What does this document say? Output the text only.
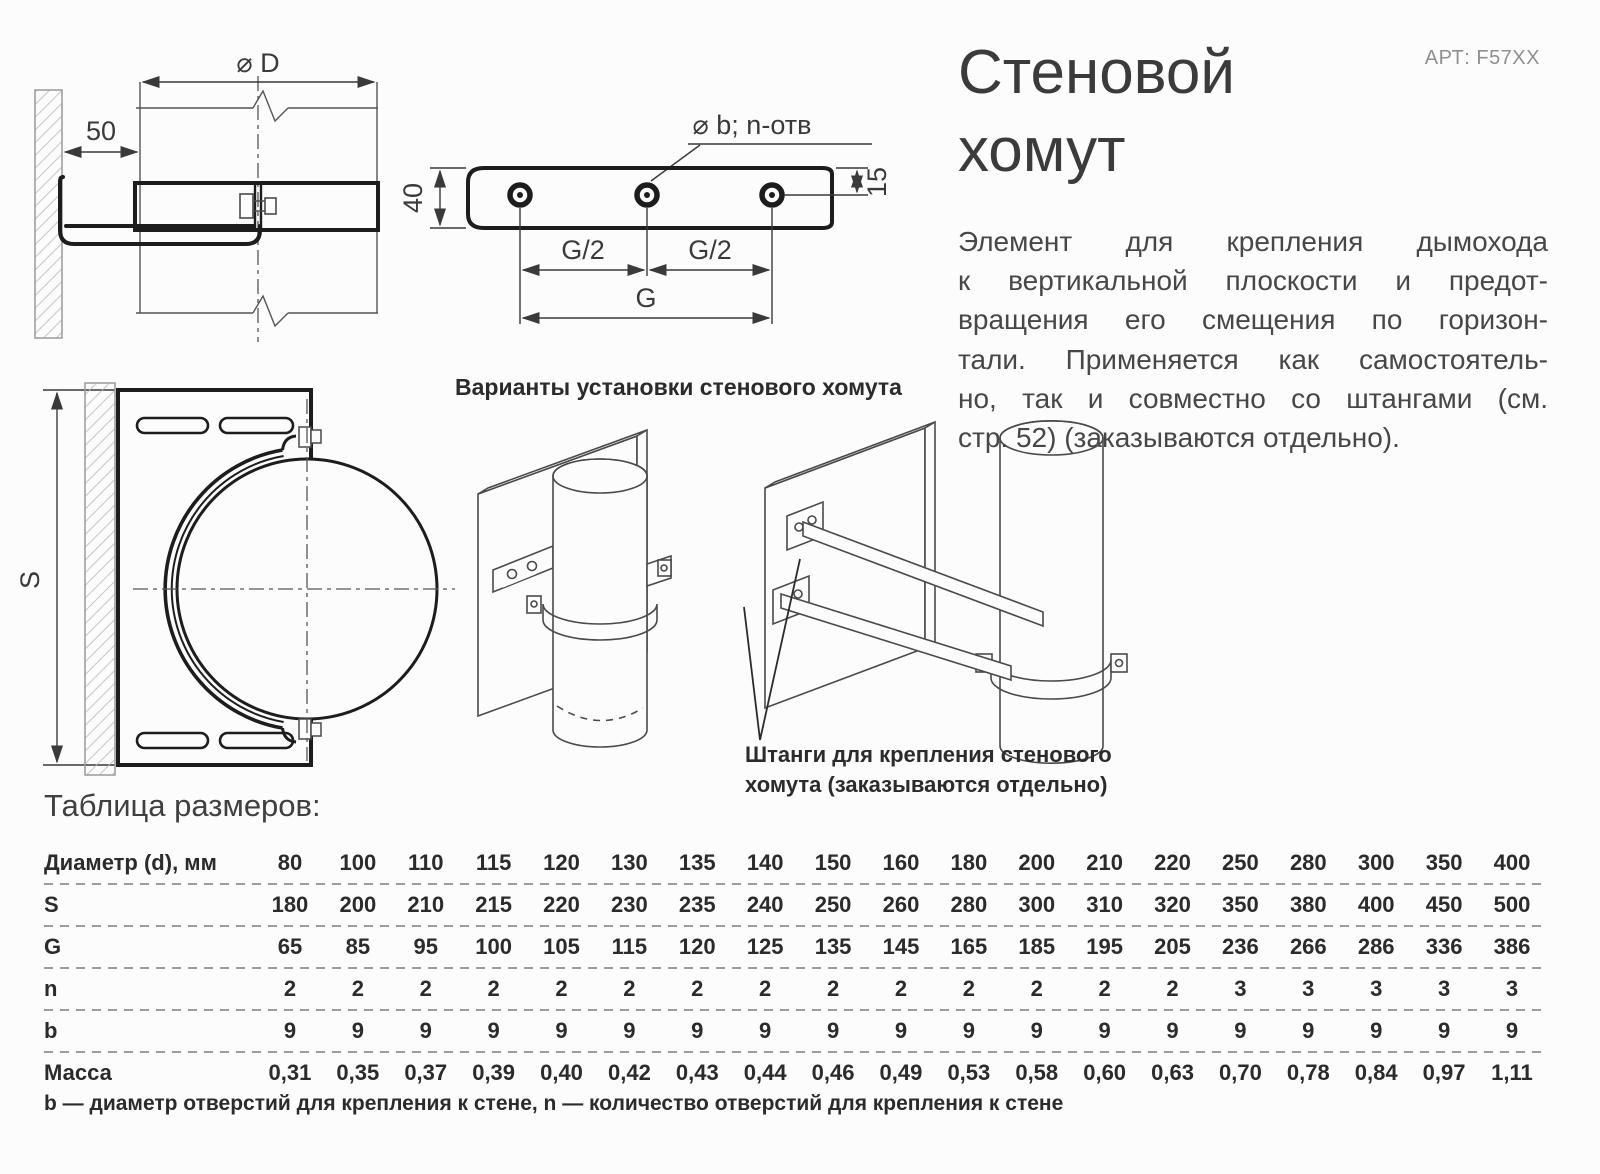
⌀ D
50	⌀ b; n-отв
40
15
G/2	G/2
G
S
Варианты установки стенового хомута
Штанги для крепления стенового хомута (заказываются отдельно)
Стеновой хомут
АРТ: F57XX
Элемент для крепления дымохода
к вертикальной плоскости и предот-
вращения его смещения по горизон-
тали. Применяется как самостоятель-
но, так и совместно со штангами (см.
стр. 52) (заказываются отдельно).
Таблица размеров:
Диаметр (d), мм	80	100	110	115	120	130	135	140	150	160	180	200	210	220	250	280	300	350	400
S	180	200	210	215	220	230	235	240	250	260	280	300	310	320	350	380	400	450	500
G	65	85	95	100	105	115	120	125	135	145	165	185	195	205	236	266	286	336	386
n	2	2	2	2	2	2	2	2	2	2	2	2	2	2	3	3	3	3	3
b	9	9	9	9	9	9	9	9	9	9	9	9	9	9	9	9	9	9	9
Масса	0,31	0,35	0,37	0,39	0,40	0,42	0,43	0,44	0,46	0,49	0,53	0,58	0,60	0,63	0,70	0,78	0,84	0,97	1,11
b — диаметр отверстий для крепления к стене, n — количество отверстий для крепления к стене
